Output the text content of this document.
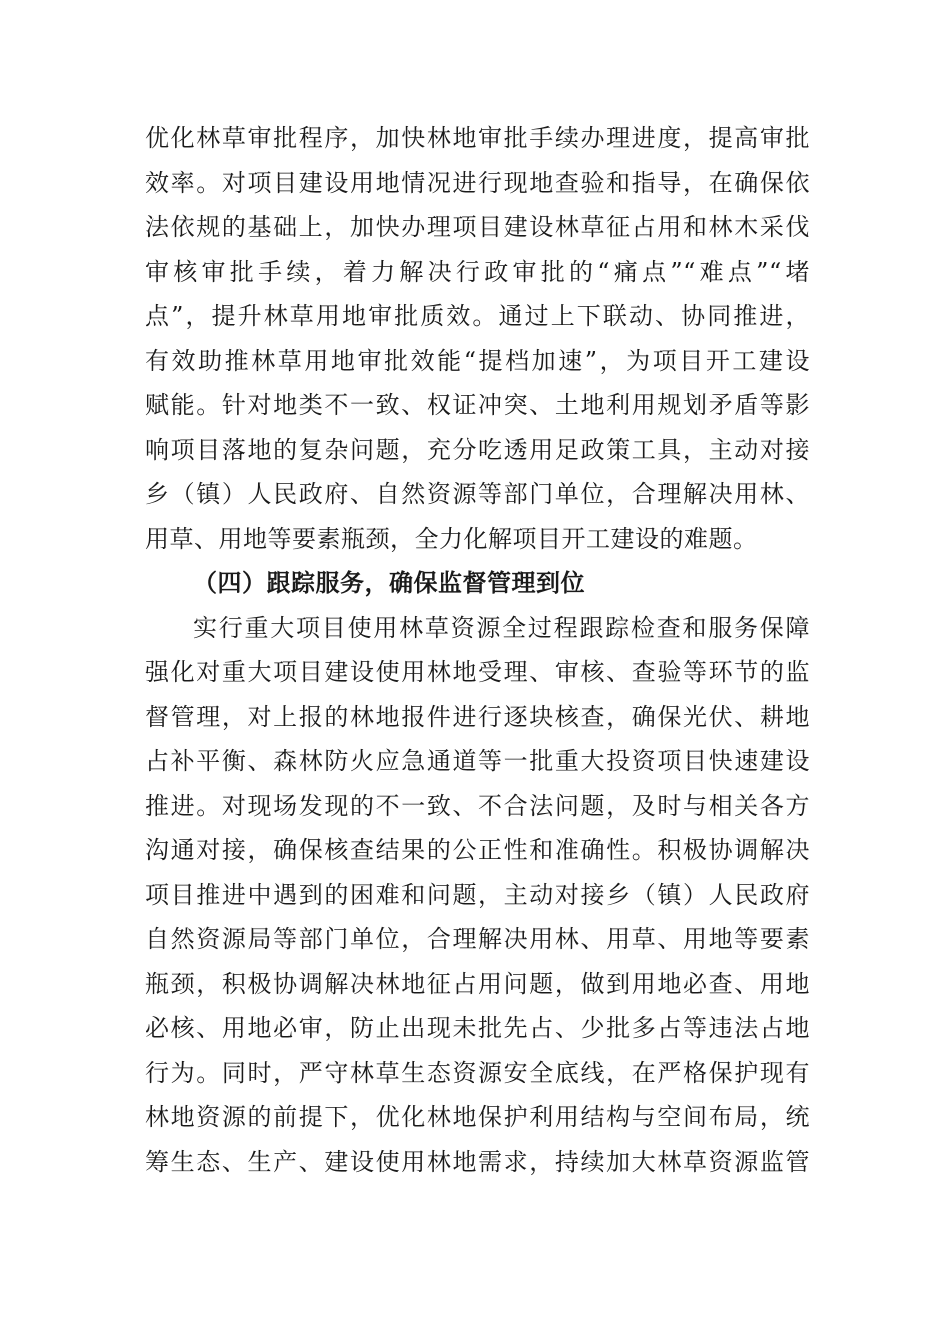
优化林草审批程序，加快林地审批手续办理进度，提高审批
效率。对项目建设用地情况进行现地查验和指导，在确保依
法依规的基础上，加快办理项目建设林草征占用和林木采伐
审核审批手续，着力解决行政审批的“痛点”“难点”“堵
点”，提升林草用地审批质效。通过上下联动、协同推进，
有效助推林草用地审批效能“提档加速”，为项目开工建设
赋能。针对地类不一致、权证冲突、土地利用规划矛盾等影
响项目落地的复杂问题，充分吃透用足政策工具，主动对接
乡（镇）人民政府、自然资源等部门单位，合理解决用林、
用草、用地等要素瓶颈，全力化解项目开工建设的难题。
（四）跟踪服务，确保监督管理到位
实行重大项目使用林草资源全过程跟踪检查和服务保障
强化对重大项目建设使用林地受理、审核、查验等环节的监
督管理，对上报的林地报件进行逐块核查，确保光伏、耕地
占补平衡、森林防火应急通道等一批重大投资项目快速建设
推进。对现场发现的不一致、不合法问题，及时与相关各方
沟通对接，确保核查结果的公正性和准确性。积极协调解决
项目推进中遇到的困难和问题，主动对接乡（镇）人民政府
自然资源局等部门单位，合理解决用林、用草、用地等要素
瓶颈，积极协调解决林地征占用问题，做到用地必查、用地
必核、用地必审，防止出现未批先占、少批多占等违法占地
行为。同时，严守林草生态资源安全底线，在严格保护现有
林地资源的前提下，优化林地保护利用结构与空间布局，统
筹生态、生产、建设使用林地需求，持续加大林草资源监管
